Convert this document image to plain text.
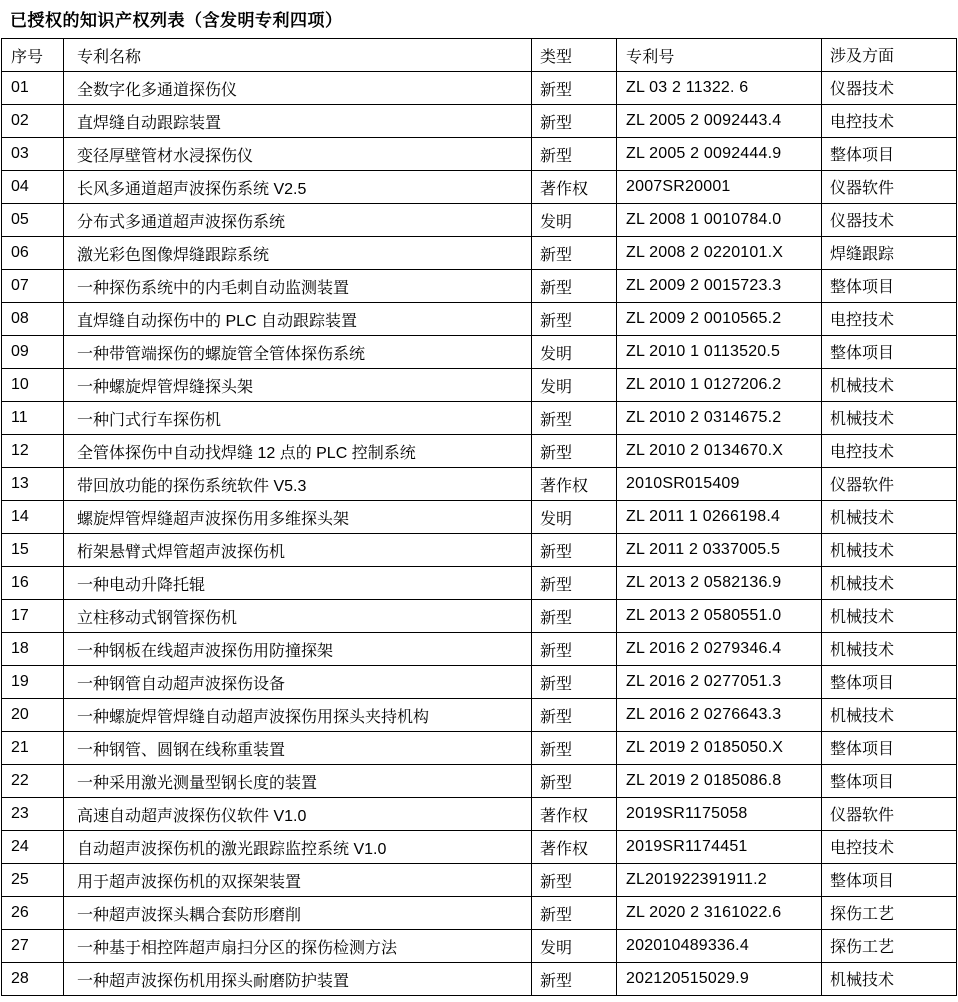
已授权的知识产权列表（含发明专利四项）
序号	专利名称	类型	专利号	涉及方面
01	全数字化多通道探伤仪	新型	ZL 03 2 11322. 6	仪器技术
02	直焊缝自动跟踪装置	新型	ZL 2005 2 0092443.4	电控技术
03	变径厚壁管材水浸探伤仪	新型	ZL 2005 2 0092444.9	整体项目
04	长风多通道超声波探伤系统 V2.5	著作权	2007SR20001	仪器软件
05	分布式多通道超声波探伤系统	发明	ZL 2008 1 0010784.0	仪器技术
06	激光彩色图像焊缝跟踪系统	新型	ZL 2008 2 0220101.X	焊缝跟踪
07	一种探伤系统中的内毛刺自动监测装置	新型	ZL 2009 2 0015723.3	整体项目
08	直焊缝自动探伤中的 PLC 自动跟踪装置	新型	ZL 2009 2 0010565.2	电控技术
09	一种带管端探伤的螺旋管全管体探伤系统	发明	ZL 2010 1 0113520.5	整体项目
10	一种螺旋焊管焊缝探头架	发明	ZL 2010 1 0127206.2	机械技术
11	一种门式行车探伤机	新型	ZL 2010 2 0314675.2	机械技术
12	全管体探伤中自动找焊缝 12 点的 PLC 控制系统	新型	ZL 2010 2 0134670.X	电控技术
13	带回放功能的探伤系统软件 V5.3	著作权	2010SR015409	仪器软件
14	螺旋焊管焊缝超声波探伤用多维探头架	发明	ZL 2011 1 0266198.4	机械技术
15	桁架悬臂式焊管超声波探伤机	新型	ZL 2011 2 0337005.5	机械技术
16	一种电动升降托辊	新型	ZL 2013 2 0582136.9	机械技术
17	立柱移动式钢管探伤机	新型	ZL 2013 2 0580551.0	机械技术
18	一种钢板在线超声波探伤用防撞探架	新型	ZL 2016 2 0279346.4	机械技术
19	一种钢管自动超声波探伤设备	新型	ZL 2016 2 0277051.3	整体项目
20	一种螺旋焊管焊缝自动超声波探伤用探头夹持机构	新型	ZL 2016 2 0276643.3	机械技术
21	一种钢管、圆钢在线称重装置	新型	ZL 2019 2 0185050.X	整体项目
22	一种采用激光测量型钢长度的装置	新型	ZL 2019 2 0185086.8	整体项目
23	高速自动超声波探伤仪软件 V1.0	著作权	2019SR1175058	仪器软件
24	自动超声波探伤机的激光跟踪监控系统 V1.0	著作权	2019SR1174451	电控技术
25	用于超声波探伤机的双探架装置	新型	ZL201922391911.2	整体项目
26	一种超声波探头耦合套防形磨削	新型	ZL 2020 2 3161022.6	探伤工艺
27	一种基于相控阵超声扇扫分区的探伤检测方法	发明	202010489336.4	探伤工艺
28	一种超声波探伤机用探头耐磨防护装置	新型	202120515029.9	机械技术
